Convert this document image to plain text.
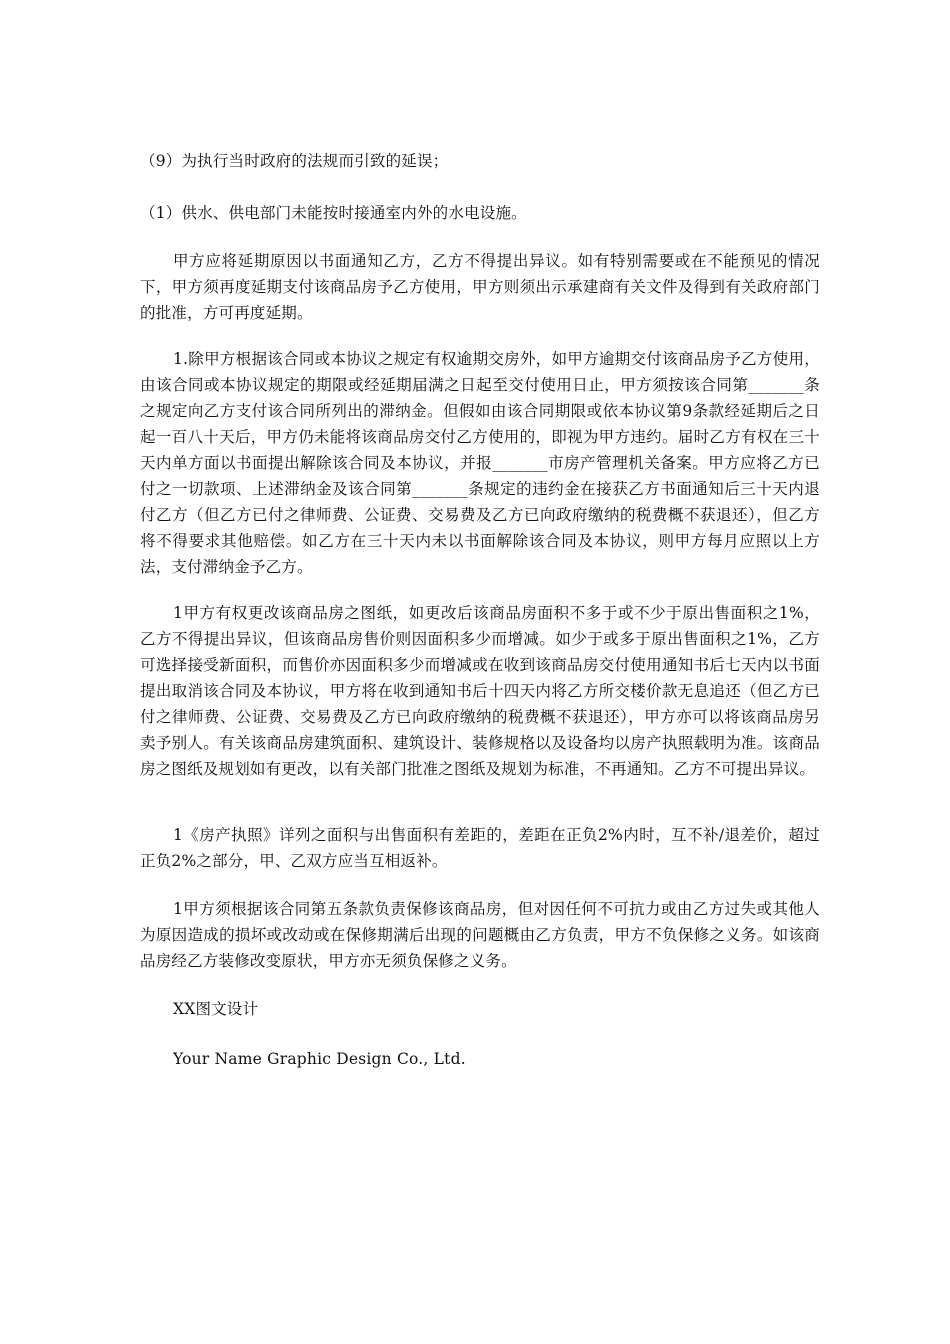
（9）为执行当时政府的法规而引致的延误；
（1）供水、供电部门未能按时接通室内外的水电设施。
甲方应将延期原因以书面通知乙方，乙方不得提出异议。如有特别需要或在不能预见的情况下，甲方须再度延期支付该商品房予乙方使用，甲方则须出示承建商有关文件及得到有关政府部门的批准，方可再度延期。
1.除甲方根据该合同或本协议之规定有权逾期交房外，如甲方逾期交付该商品房予乙方使用，由该合同或本协议规定的期限或经延期届满之日起至交付使用日止，甲方须按该合同第_______条之规定向乙方支付该合同所列出的滞纳金。但假如由该合同期限或依本协议第9条款经延期后之日起一百八十天后，甲方仍未能将该商品房交付乙方使用的，即视为甲方违约。届时乙方有权在三十天内单方面以书面提出解除该合同及本协议，并报_______市房产管理机关备案。甲方应将乙方已付之一切款项、上述滞纳金及该合同第_______条规定的违约金在接获乙方书面通知后三十天内退付乙方（但乙方已付之律师费、公证费、交易费及乙方已向政府缴纳的税费概不获退还），但乙方将不得要求其他赔偿。如乙方在三十天内未以书面解除该合同及本协议，则甲方每月应照以上方法，支付滞纳金予乙方。
1甲方有权更改该商品房之图纸，如更改后该商品房面积不多于或不少于原出售面积之1%，乙方不得提出异议，但该商品房售价则因面积多少而增减。如少于或多于原出售面积之1%，乙方可选择接受新面积，而售价亦因面积多少而增减或在收到该商品房交付使用通知书后七天内以书面提出取消该合同及本协议，甲方将在收到通知书后十四天内将乙方所交楼价款无息追还（但乙方已付之律师费、公证费、交易费及乙方已向政府缴纳的税费概不获退还），甲方亦可以将该商品房另卖予别人。有关该商品房建筑面积、建筑设计、装修规格以及设备均以房产执照载明为准。该商品房之图纸及规划如有更改，以有关部门批准之图纸及规划为标准，不再通知。乙方不可提出异议。
1《房产执照》详列之面积与出售面积有差距的，差距在正负2%内时，互不补/退差价，超过正负2%之部分，甲、乙双方应当互相返补。
1甲方须根据该合同第五条款负责保修该商品房，但对因任何不可抗力或由乙方过失或其他人为原因造成的损坏或改动或在保修期满后出现的问题概由乙方负责，甲方不负保修之义务。如该商品房经乙方装修改变原状，甲方亦无须负保修之义务。
XX图文设计
Your Name Graphic Design Co., Ltd.
